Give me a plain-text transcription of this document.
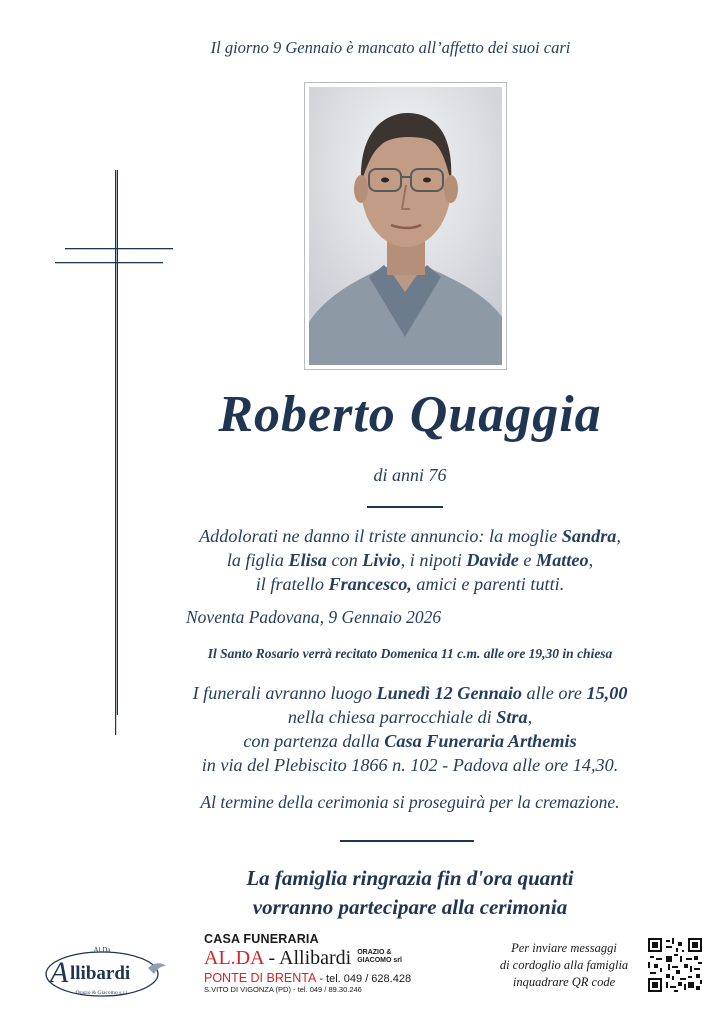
Il giorno 9 Gennaio è mancato all’affetto dei suoi cari
Roberto Quaggia
di anni 76
Addolorati ne danno il triste annuncio: la moglie Sandra,
la figlia Elisa con Livio, i nipoti Davide e Matteo,
il fratello Francesco, amici e parenti tutti.
Noventa Padovana, 9 Gennaio 2026
Il Santo Rosario verrà recitato Domenica 11 c.m. alle ore 19,30 in chiesa
I funerali avranno luogo Lunedì 12 Gennaio alle ore 15,00
nella chiesa parrocchiale di Stra,
con partenza dalla Casa Funeraria Arthemis
in via del Plebiscito 1866 n. 102 - Padova alle ore 14,30.
Al termine della cerimonia si proseguirà per la cremazione.
La famiglia ringrazia fin d'ora quanti
vorranno partecipare alla cerimonia
Al.Da
A llibardi
Orazio & Giacomo s.r.l.
CASA FUNERARIA
AL.DA - Allibardi ORAZIO &
GIACOMO srl
PONTE DI BRENTA - tel. 049 / 628.428
S.VITO DI VIGONZA (PD) - tel. 049 / 89.30.246
Per inviare messaggi
di cordoglio alla famiglia
inquadrare QR code
